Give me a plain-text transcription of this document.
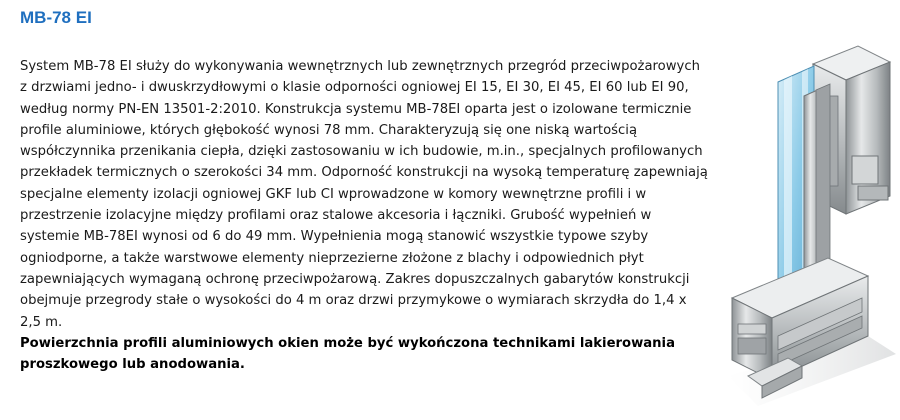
MB-78 EI

System MB-78 EI służy do wykonywania wewnętrznych lub zewnętrznych przegród przeciwpożarowych z drzwiami jedno- i dwuskrzydłowymi o klasie odporności ogniowej EI 15, EI 30, EI 45, EI 60 lub EI 90, według normy PN-EN 13501-2:2010. Konstrukcja systemu MB-78EI oparta jest o izolowane termicznie profile aluminiowe, których głębokość wynosi 78 mm. Charakteryzują się one niską wartością współczynnika przenikania ciepła, dzięki zastosowaniu w ich budowie, m.in., specjalnych profilowanych przekładek termicznych o szerokości 34 mm. Odporność konstrukcji na wysoką temperaturę zapewniają specjalne elementy izolacji ogniowej GKF lub CI wprowadzone w komory wewnętrzne profili i w przestrzenie izolacyjne między profilami oraz stalowe akcesoria i łączniki. Grubość wypełnień w systemie MB-78EI wynosi od 6 do 49 mm. Wypełnienia mogą stanowić wszystkie typowe szyby ogniodporne, a także warstwowe elementy nieprzezierne złożone z blachy i odpowiednich płyt zapewniających wymaganą ochronę przeciwpożarową. Zakres dopuszczalnych gabarytów konstrukcji obejmuje przegrody stałe o wysokości do 4 m oraz drzwi przymykowe o wymiarach skrzydła do 1,4 x 2,5 m.

Powierzchnia profili aluminiowych okien może być wykończona technikami lakierowania proszkowego lub anodowania.
